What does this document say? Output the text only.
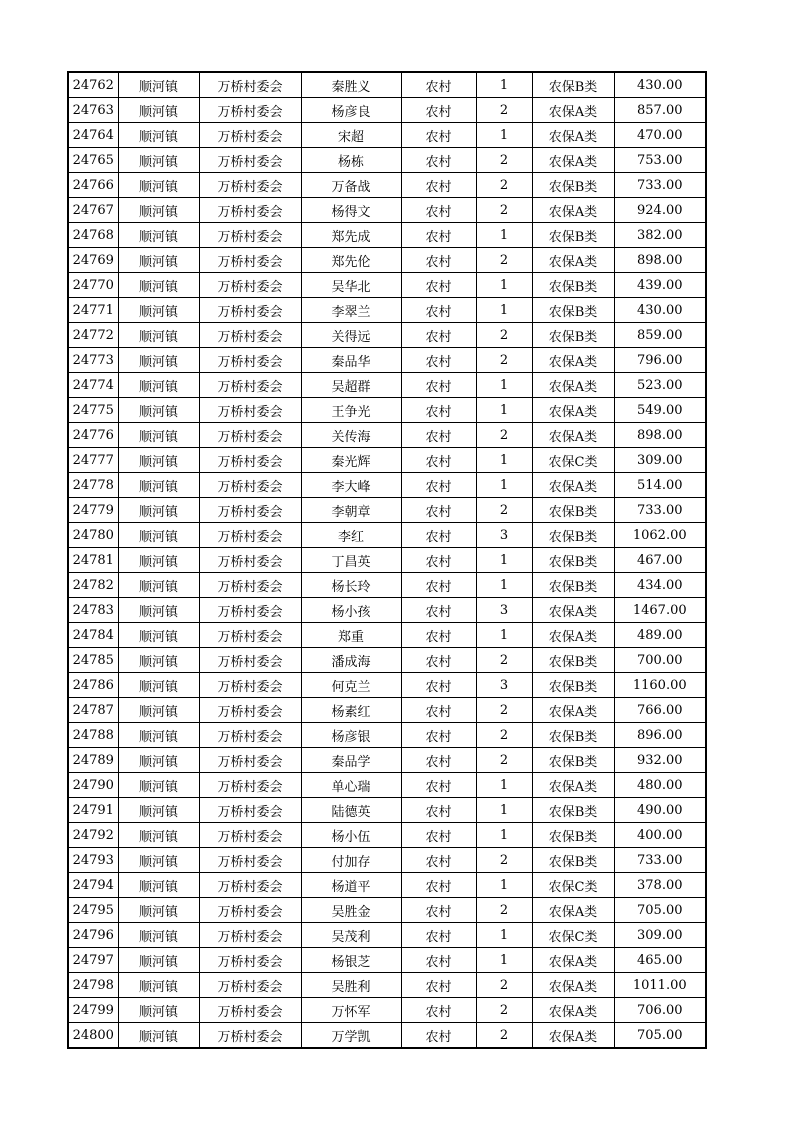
24762	顺河镇	万桥村委会	秦胜义	农村	1	农保B类	430.00
24763	顺河镇	万桥村委会	杨彦良	农村	2	农保A类	857.00
24764	顺河镇	万桥村委会	宋超	农村	1	农保A类	470.00
24765	顺河镇	万桥村委会	杨栋	农村	2	农保A类	753.00
24766	顺河镇	万桥村委会	万备战	农村	2	农保B类	733.00
24767	顺河镇	万桥村委会	杨得文	农村	2	农保A类	924.00
24768	顺河镇	万桥村委会	郑先成	农村	1	农保B类	382.00
24769	顺河镇	万桥村委会	郑先伦	农村	2	农保A类	898.00
24770	顺河镇	万桥村委会	吴华北	农村	1	农保B类	439.00
24771	顺河镇	万桥村委会	李翠兰	农村	1	农保B类	430.00
24772	顺河镇	万桥村委会	关得远	农村	2	农保B类	859.00
24773	顺河镇	万桥村委会	秦品华	农村	2	农保A类	796.00
24774	顺河镇	万桥村委会	吴超群	农村	1	农保A类	523.00
24775	顺河镇	万桥村委会	王争光	农村	1	农保A类	549.00
24776	顺河镇	万桥村委会	关传海	农村	2	农保A类	898.00
24777	顺河镇	万桥村委会	秦光辉	农村	1	农保C类	309.00
24778	顺河镇	万桥村委会	李大峰	农村	1	农保A类	514.00
24779	顺河镇	万桥村委会	李朝章	农村	2	农保B类	733.00
24780	顺河镇	万桥村委会	李红	农村	3	农保B类	1062.00
24781	顺河镇	万桥村委会	丁昌英	农村	1	农保B类	467.00
24782	顺河镇	万桥村委会	杨长玲	农村	1	农保B类	434.00
24783	顺河镇	万桥村委会	杨小孩	农村	3	农保A类	1467.00
24784	顺河镇	万桥村委会	郑重	农村	1	农保A类	489.00
24785	顺河镇	万桥村委会	潘成海	农村	2	农保B类	700.00
24786	顺河镇	万桥村委会	何克兰	农村	3	农保B类	1160.00
24787	顺河镇	万桥村委会	杨素红	农村	2	农保A类	766.00
24788	顺河镇	万桥村委会	杨彦银	农村	2	农保B类	896.00
24789	顺河镇	万桥村委会	秦品学	农村	2	农保B类	932.00
24790	顺河镇	万桥村委会	单心瑞	农村	1	农保A类	480.00
24791	顺河镇	万桥村委会	陆德英	农村	1	农保B类	490.00
24792	顺河镇	万桥村委会	杨小伍	农村	1	农保B类	400.00
24793	顺河镇	万桥村委会	付加存	农村	2	农保B类	733.00
24794	顺河镇	万桥村委会	杨道平	农村	1	农保C类	378.00
24795	顺河镇	万桥村委会	吴胜金	农村	2	农保A类	705.00
24796	顺河镇	万桥村委会	吴茂利	农村	1	农保C类	309.00
24797	顺河镇	万桥村委会	杨银芝	农村	1	农保A类	465.00
24798	顺河镇	万桥村委会	吴胜利	农村	2	农保A类	1011.00
24799	顺河镇	万桥村委会	万怀军	农村	2	农保A类	706.00
24800	顺河镇	万桥村委会	万学凯	农村	2	农保A类	705.00
